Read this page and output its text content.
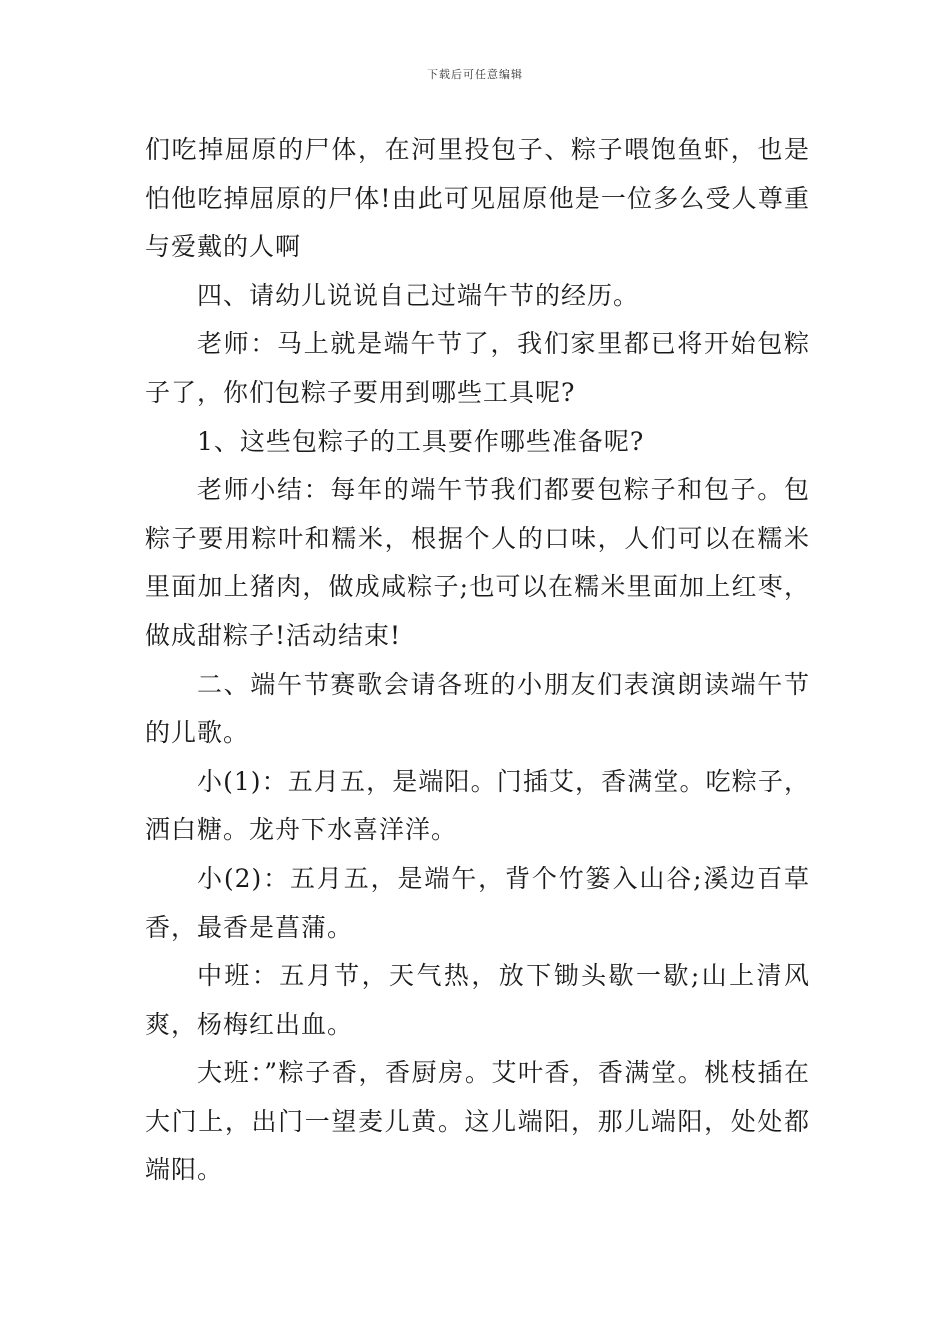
下载后可任意编辑

们吃掉屈原的尸体，在河里投包子、粽子喂饱鱼虾，也是怕他吃掉屈原的尸体!由此可见屈原他是一位多么受人尊重与爱戴的人啊

四、请幼儿说说自己过端午节的经历。

老师：马上就是端午节了，我们家里都已将开始包粽子了，你们包粽子要用到哪些工具呢?

1、这些包粽子的工具要作哪些准备呢?

老师小结：每年的端午节我们都要包粽子和包子。包粽子要用粽叶和糯米，根据个人的口味，人们可以在糯米里面加上猪肉，做成咸粽子;也可以在糯米里面加上红枣，做成甜粽子!活动结束!

二、端午节赛歌会请各班的小朋友们表演朗读端午节的儿歌。

小(1)：五月五，是端阳。门插艾，香满堂。吃粽子，洒白糖。龙舟下水喜洋洋。

小(2)：五月五，是端午，背个竹篓入山谷;溪边百草香，最香是菖蒲。

中班：五月节，天气热，放下锄头歇一歇;山上清风爽，杨梅红出血。

大班：”粽子香，香厨房。艾叶香，香满堂。桃枝插在大门上，出门一望麦儿黄。这儿端阳，那儿端阳，处处都端阳。
